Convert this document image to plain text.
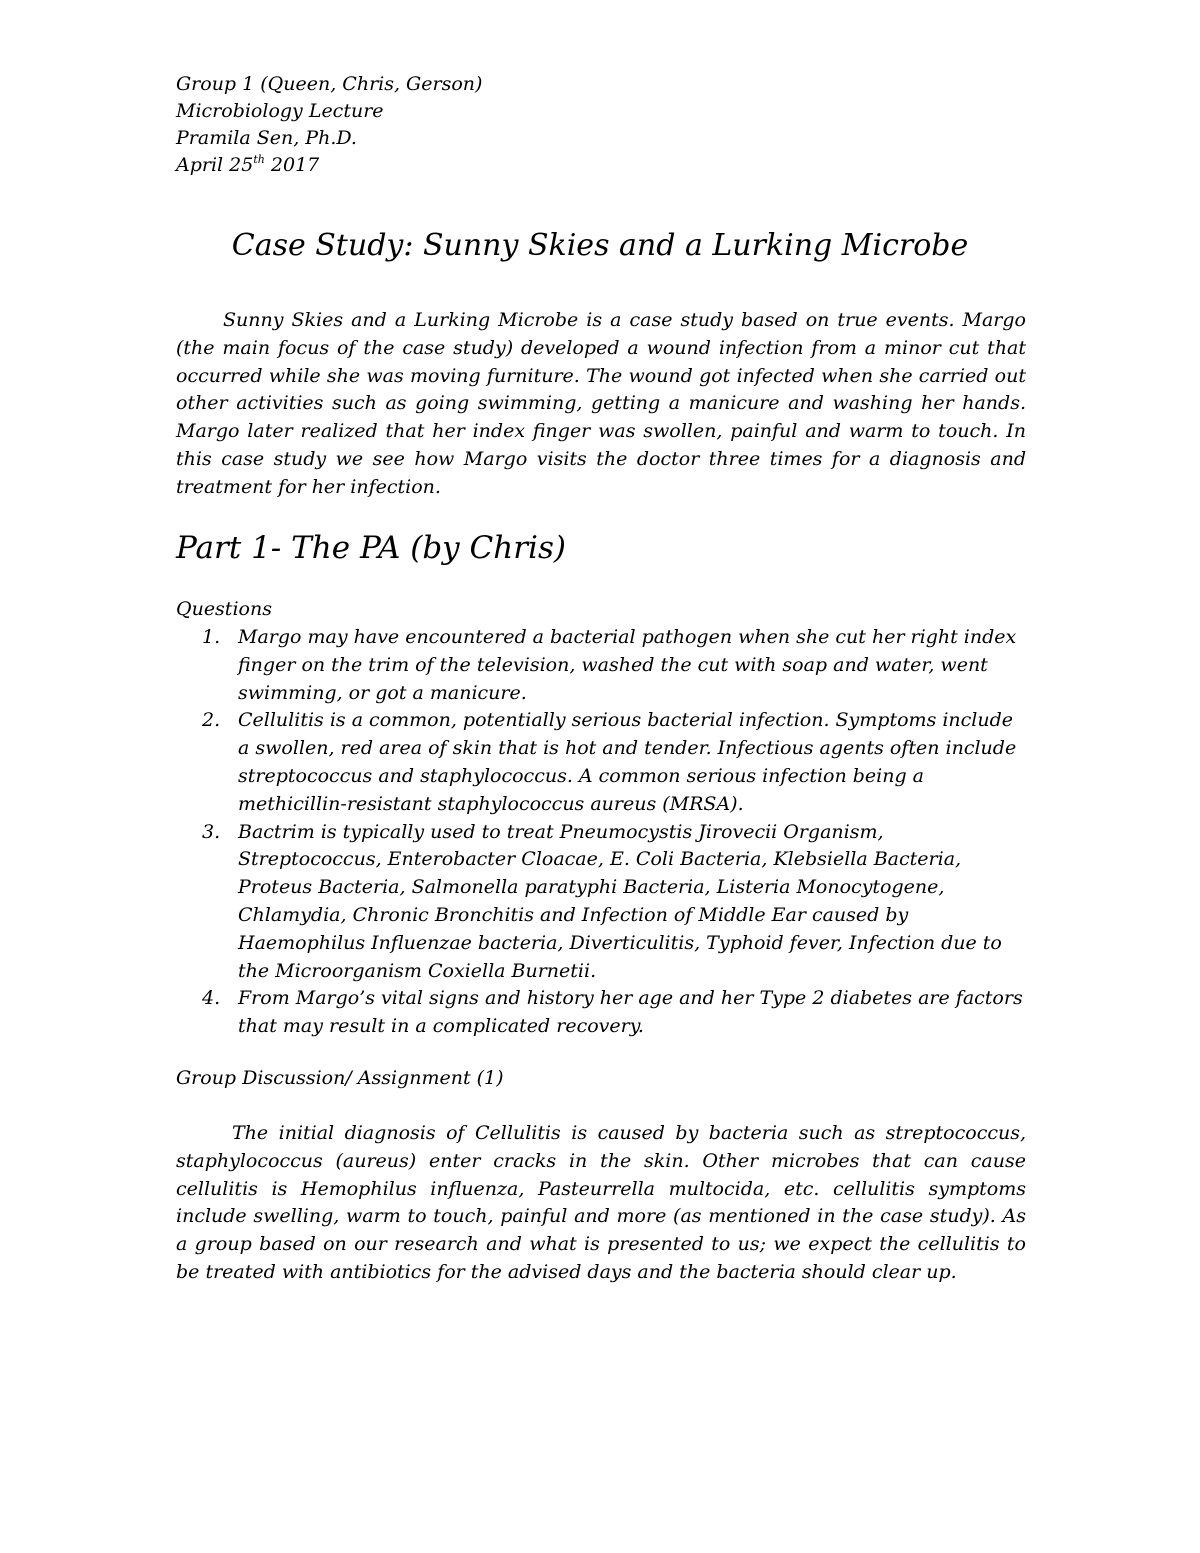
Group 1 (Queen, Chris, Gerson)
Microbiology Lecture
Pramila Sen, Ph.D.
April 25th 2017
Case Study: Sunny Skies and a Lurking Microbe

Sunny Skies and a Lurking Microbe is a case study based on true events. Margo (the main focus of the case study) developed a wound infection from a minor cut that occurred while she was moving furniture. The wound got infected when she carried out other activities such as going swimming, getting a manicure and washing her hands. Margo later realized that her index finger was swollen, painful and warm to touch. In this case study we see how Margo visits the doctor three times for a diagnosis and treatment for her infection.

Part 1- The PA (by Chris)
Questions
1. Margo may have encountered a bacterial pathogen when she cut her right index finger on the trim of the television, washed the cut with soap and water, went swimming, or got a manicure.
2. Cellulitis is a common, potentially serious bacterial infection. Symptoms include a swollen, red area of skin that is hot and tender. Infectious agents often include streptococcus and staphylococcus. A common serious infection being a methicillin-resistant staphylococcus aureus (MRSA).
3. Bactrim is typically used to treat Pneumocystis Jirovecii Organism, Streptococcus, Enterobacter Cloacae, E. Coli Bacteria, Klebsiella Bacteria, Proteus Bacteria, Salmonella paratyphi Bacteria, Listeria Monocytogene, Chlamydia, Chronic Bronchitis and Infection of Middle Ear caused by Haemophilus Influenzae bacteria, Diverticulitis, Typhoid fever, Infection due to the Microorganism Coxiella Burnetii.
4. From Margo’s vital signs and history her age and her Type 2 diabetes are factors that may result in a complicated recovery.
Group Discussion/ Assignment (1)

The initial diagnosis of Cellulitis is caused by bacteria such as streptococcus, staphylococcus (aureus) enter cracks in the skin. Other microbes that can cause cellulitis is Hemophilus influenza, Pasteurrella multocida, etc. cellulitis symptoms include swelling, warm to touch, painful and more (as mentioned in the case study). As a group based on our research and what is presented to us; we expect the cellulitis to be treated with antibiotics for the advised days and the bacteria should clear up.
